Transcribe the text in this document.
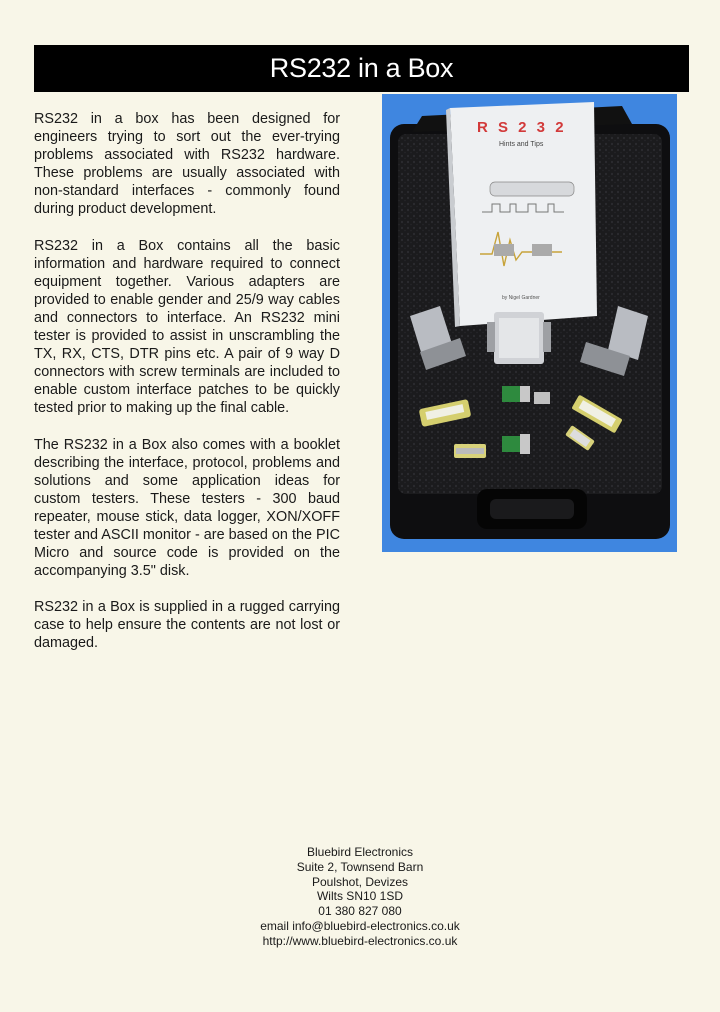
RS232 in a Box

RS232 in a box has been designed for engineers trying to sort out the ever-trying problems associated with RS232 hardware. These problems are usually associated with non-standard interfaces - commonly found during product development.

RS232 in a Box contains all the basic information and hardware required to connect equipment together. Various adapters are provided to enable gender and 25/9 way cables and connectors to interface. An RS232 mini tester is provided to assist in unscrambling the TX, RX, CTS, DTR pins etc. A pair of 9 way D connectors with screw terminals are included to enable custom interface patches to be quickly tested prior to making up the final cable.

The RS232 in a Box also comes with a booklet describing the interface, protocol, problems and solutions and some application ideas for custom testers. These testers - 300 baud repeater, mouse stick, data logger, XON/XOFF tester and ASCII monitor - are based on the PIC Micro and source code is provided on the accompanying 3.5" disk.

RS232 in a Box is supplied in a rugged carrying case to help ensure the contents are not lost or damaged.

R S 2 3 2
Hints and Tips
by Nigel Gardner
Bluebird Electronics
Suite 2, Townsend Barn
Poulshot, Devizes
Wilts SN10 1SD
01 380 827 080
email info@bluebird-electronics.co.uk
http://www.bluebird-electronics.co.uk
